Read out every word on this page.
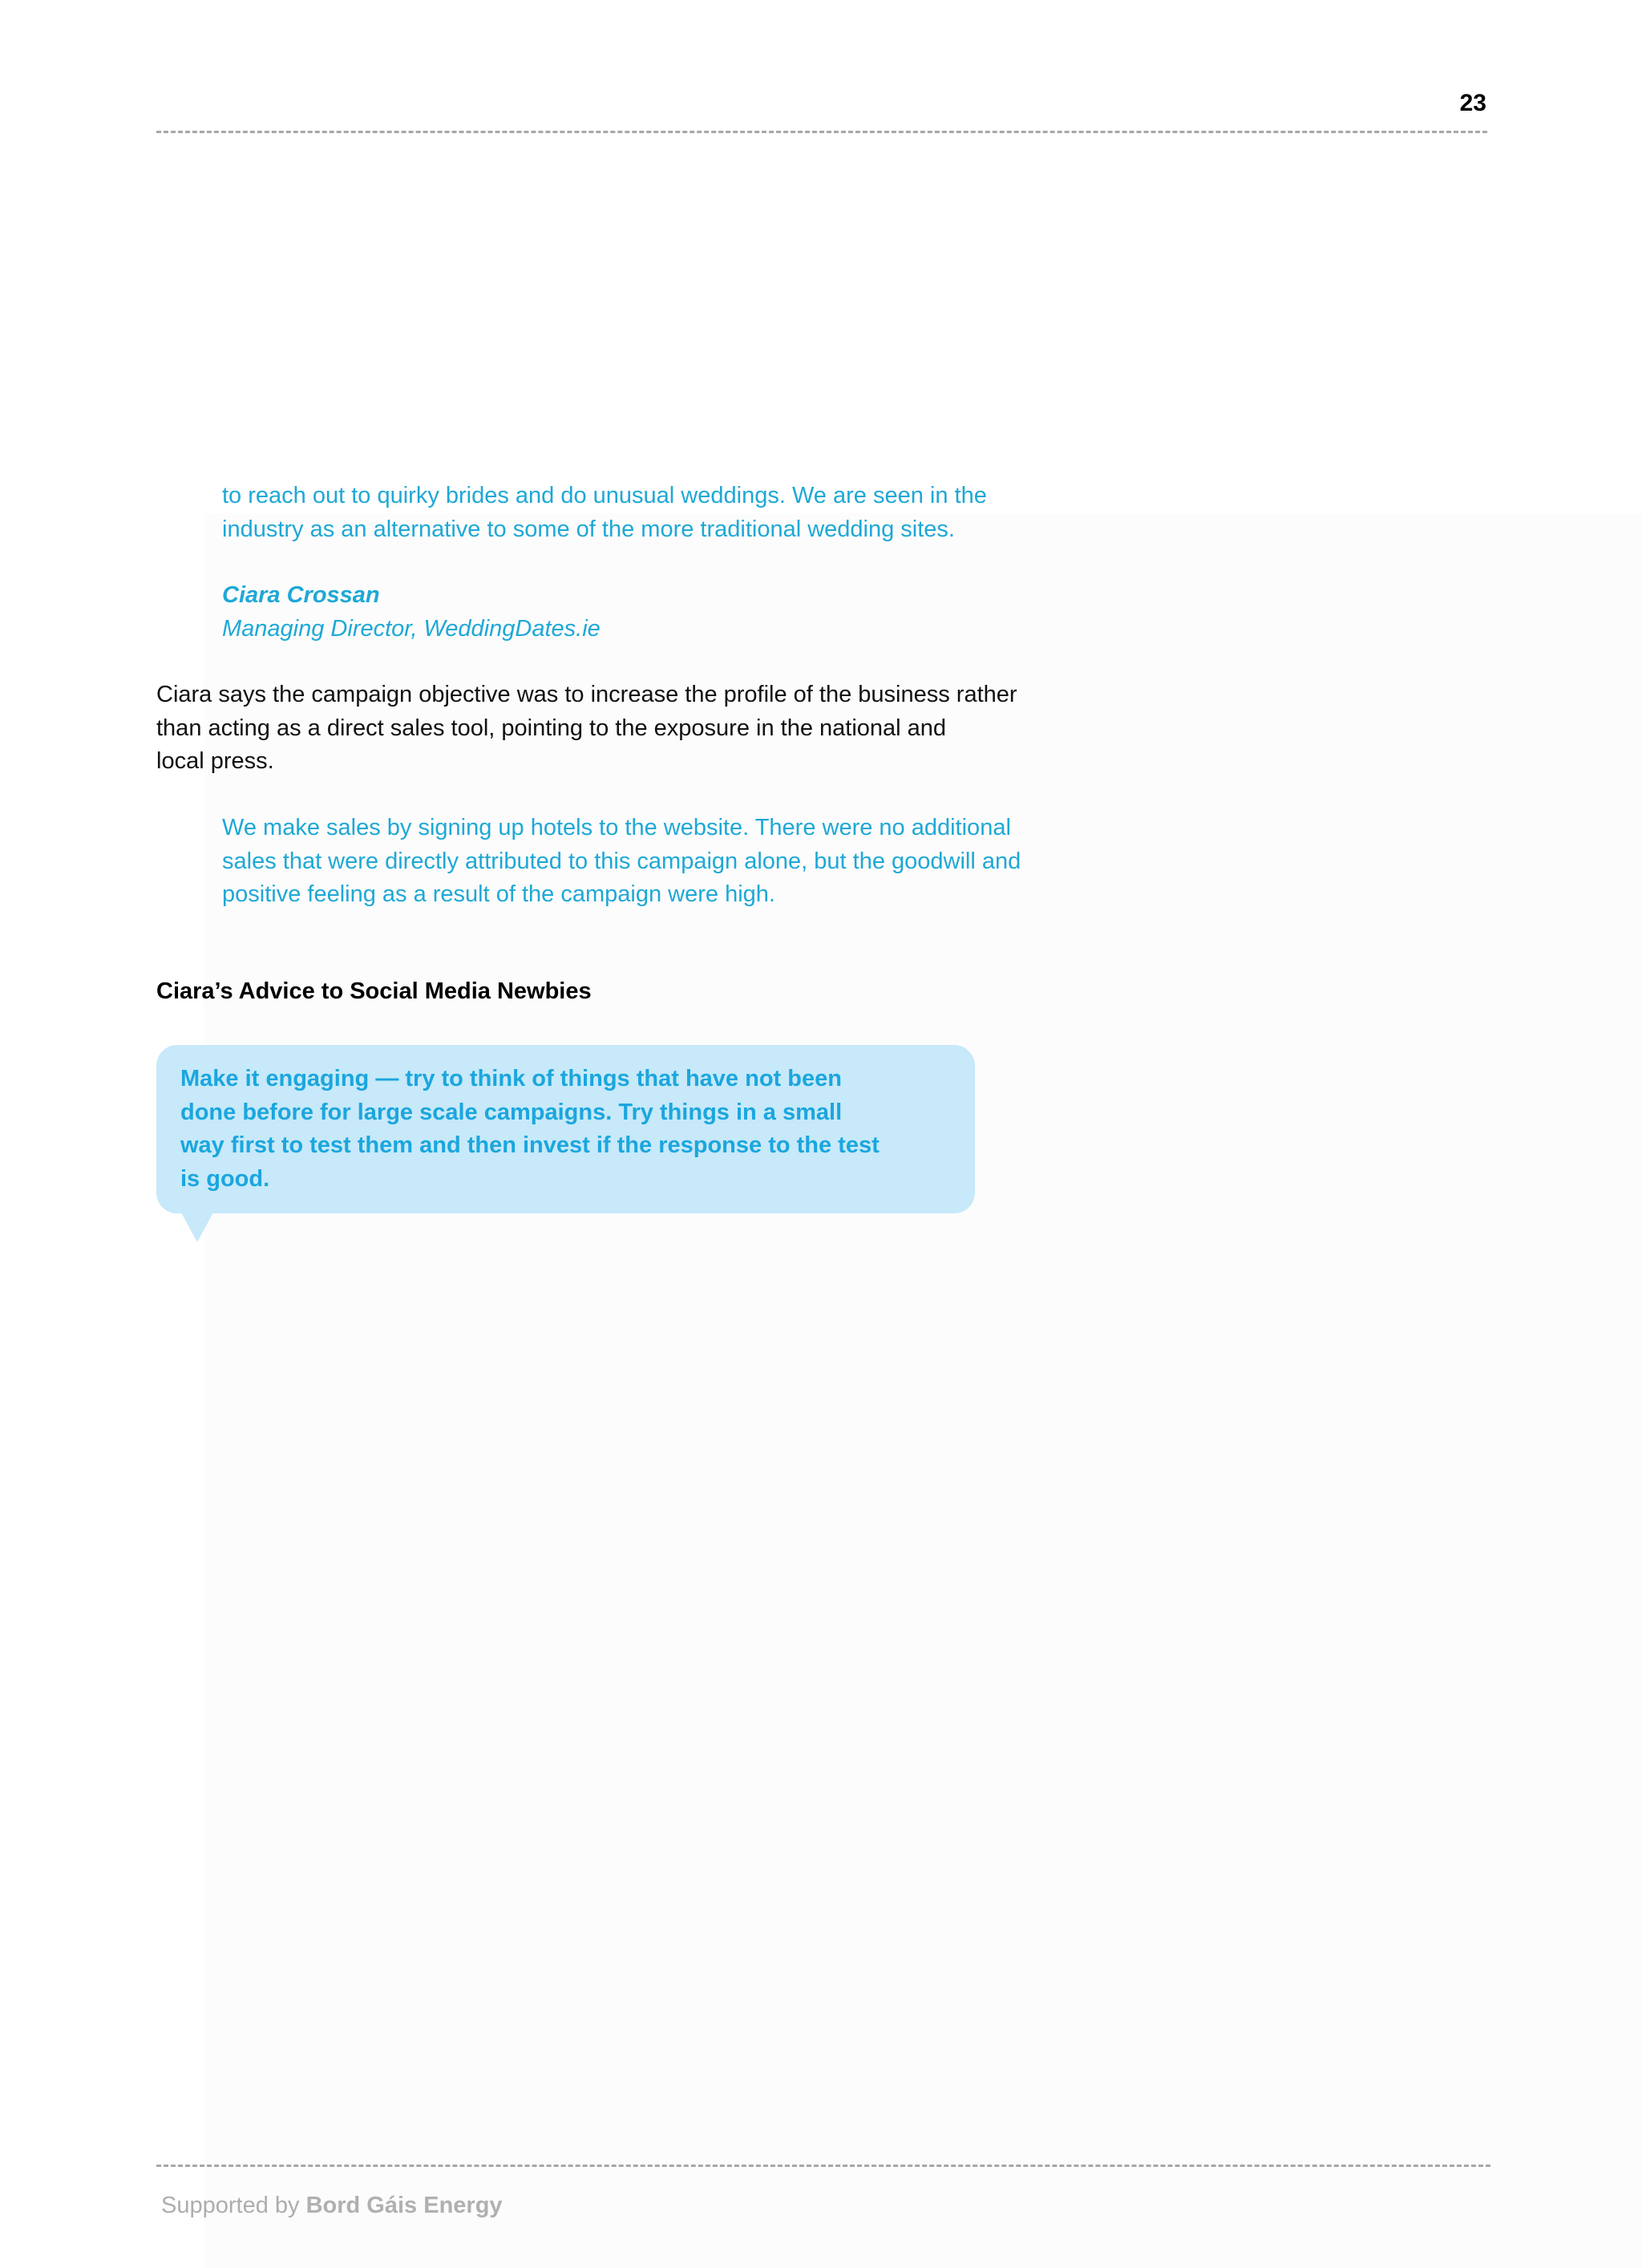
23

to reach out to quirky brides and do unusual weddings. We are seen in the

industry as an alternative to some of the more traditional wedding sites.

Ciara Crossan
Managing Director, WeddingDates.ie

Ciara says the campaign objective was to increase the profile of the business rather

than acting as a direct sales tool, pointing to the exposure in the national and

local press.

We make sales by signing up hotels to the website. There were no additional

sales that were directly attributed to this campaign alone, but the goodwill and

positive feeling as a result of the campaign were high.

Ciara’s Advice to Social Media Newbies

Make it engaging — try to think of things that have not been

done before for large scale campaigns. Try things in a small

way first to test them and then invest if the response to the test

is good.

Supported by Bord Gáis Energy
